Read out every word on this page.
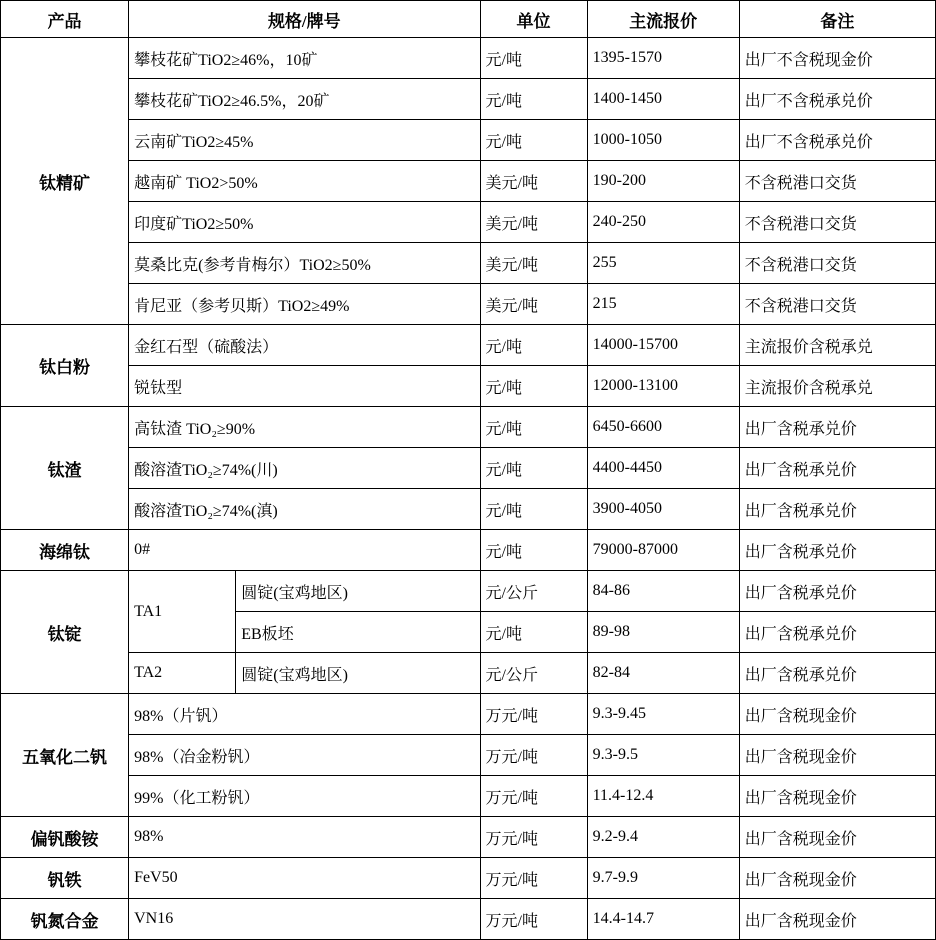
产品	规格/牌号		单位	主流报价	备注

钛精矿	攀枝花矿TiO2≥46%，10矿		元/吨	1395-1570	出厂不含税现金价
	攀枝花矿TiO2≥46.5%，20矿		元/吨	1400-1450	出厂不含税承兑价
	云南矿TiO2≥45%		元/吨	1000-1050	出厂不含税承兑价
	越南矿 TiO2>50%		美元/吨	190-200	不含税港口交货
	印度矿TiO2≥50%		美元/吨	240-250	不含税港口交货
	莫桑比克(参考肯梅尔）TiO2≥50%		美元/吨	255	不含税港口交货
	肯尼亚（参考贝斯）TiO2≥49%		美元/吨	215	不含税港口交货

钛白粉	金红石型（硫酸法）		元/吨	14000-15700	主流报价含税承兑
	锐钛型		元/吨	12000-13100	主流报价含税承兑

钛渣	高钛渣 TiO₂≥90%		元/吨	6450-6600	出厂含税承兑价
	酸溶渣TiO₂≥74%(川)		元/吨	4400-4450	出厂含税承兑价
	酸溶渣TiO₂≥74%(滇)		元/吨	3900-4050	出厂含税承兑价

海绵钛	0#		元/吨	79000-87000	出厂含税承兑价

钛锭	TA1	圆锭(宝鸡地区)	元/公斤	84-86	出厂含税承兑价
		EB板坯	元/吨	89-98	出厂含税承兑价
	TA2	圆锭(宝鸡地区)	元/公斤	82-84	出厂含税承兑价

五氧化二钒	98%（片钒）		万元/吨	9.3-9.45	出厂含税现金价
	98%（冶金粉钒）		万元/吨	9.3-9.5	出厂含税现金价
	99%（化工粉钒）		万元/吨	11.4-12.4	出厂含税现金价

偏钒酸铵	98%		万元/吨	9.2-9.4	出厂含税现金价

钒铁	FeV50		万元/吨	9.7-9.9	出厂含税现金价

钒氮合金	VN16		万元/吨	14.4-14.7	出厂含税现金价
